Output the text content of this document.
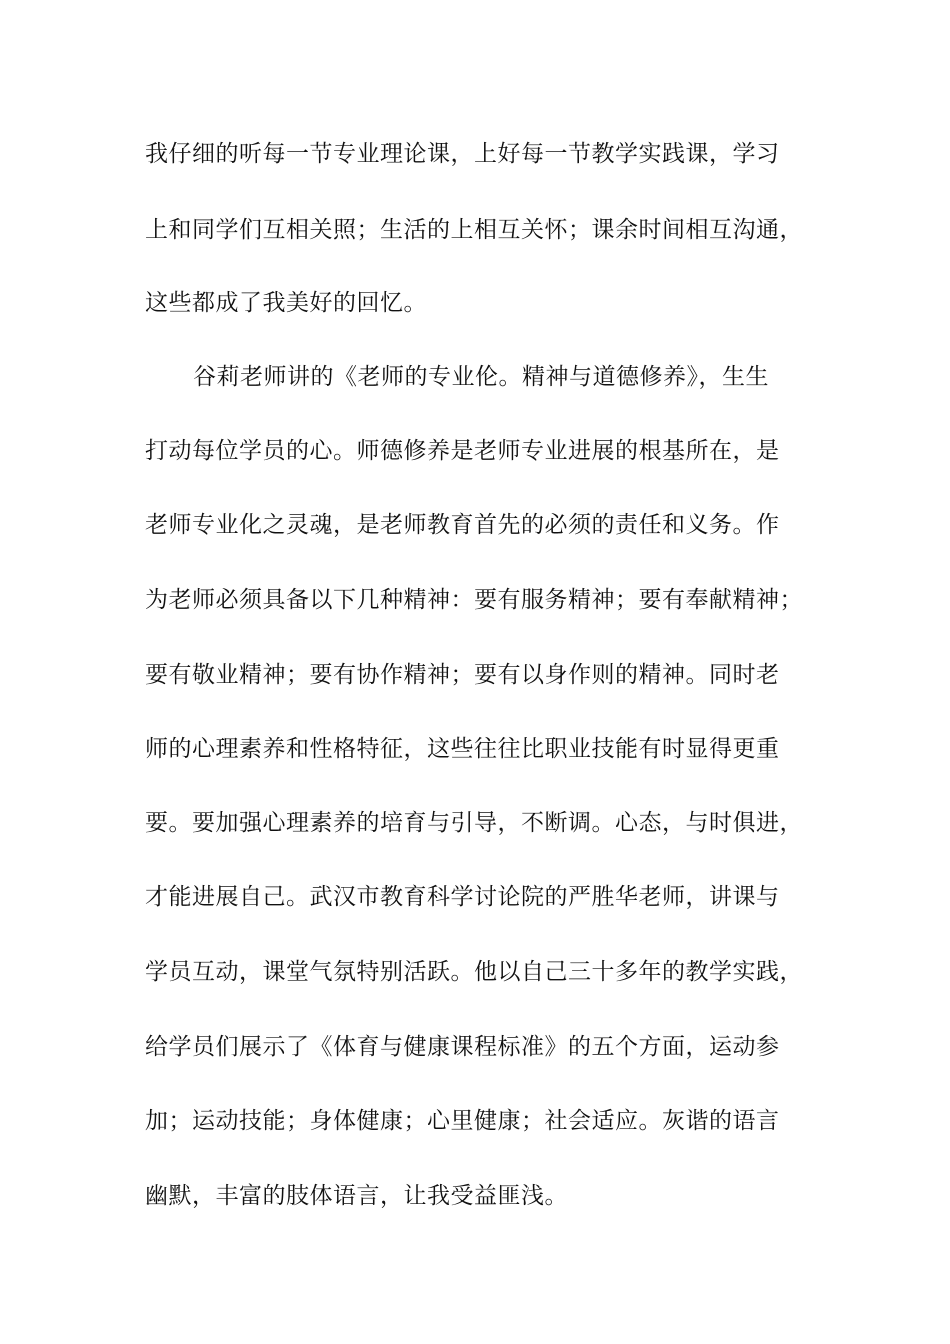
我仔细的听每一节专业理论课，上好每一节教学实践课，学习
上和同学们互相关照；生活的上相互关怀；课余时间相互沟通，
这些都成了我美好的回忆。
谷莉老师讲的《老师的专业伦。精神与道德修养》，生生
打动每位学员的心。师德修养是老师专业进展的根基所在，是
老师专业化之灵魂，是老师教育首先的必须的责任和义务。作
为老师必须具备以下几种精神：要有服务精神；要有奉献精神；
要有敬业精神；要有协作精神；要有以身作则的精神。同时老
师的心理素养和性格特征，这些往往比职业技能有时显得更重
要。要加强心理素养的培育与引导，不断调。心态，与时俱进，
才能进展自己。武汉市教育科学讨论院的严胜华老师，讲课与
学员互动，课堂气氛特别活跃。他以自己三十多年的教学实践，
给学员们展示了《体育与健康课程标准》的五个方面，运动参
加；运动技能；身体健康；心里健康；社会适应。灰谐的语言
幽默，丰富的肢体语言，让我受益匪浅。
